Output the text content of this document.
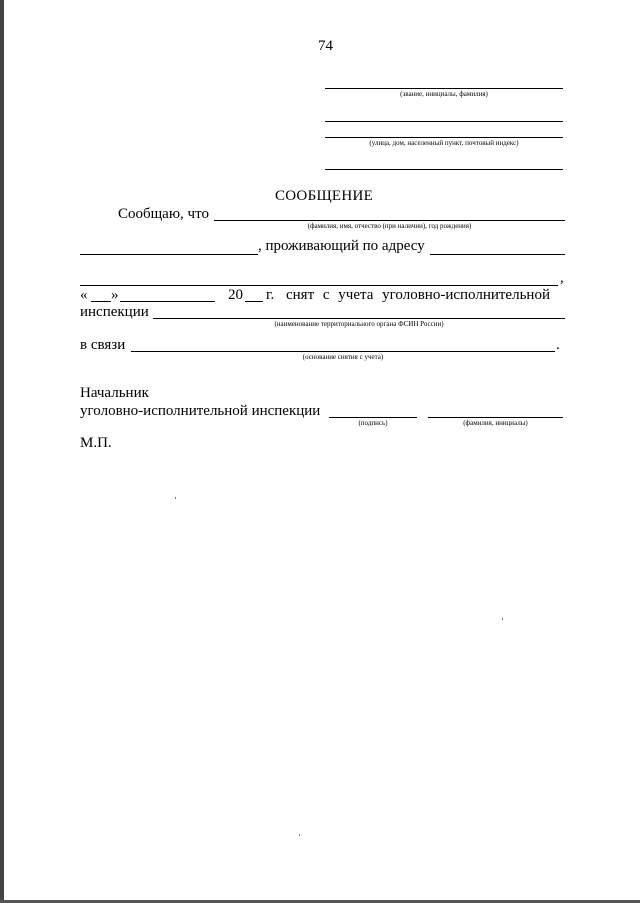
74
(звание, инициалы, фамилия)
(улица, дом, населенный пункт, почтовый индекс)
СООБЩЕНИЕ
Сообщаю, что
(фамилия, имя, отчество (при наличии), год рождения)
, проживающий по адресу
,
« »	20 г. снят с учета уголовно-исполнительной
инспекции
(наименование территориального органа ФСИН России)
в связи	.
(основание снятия с учета)
Начальник
уголовно-исполнительной инспекции
(подпись)	(фамилия, инициалы)
М.П.
